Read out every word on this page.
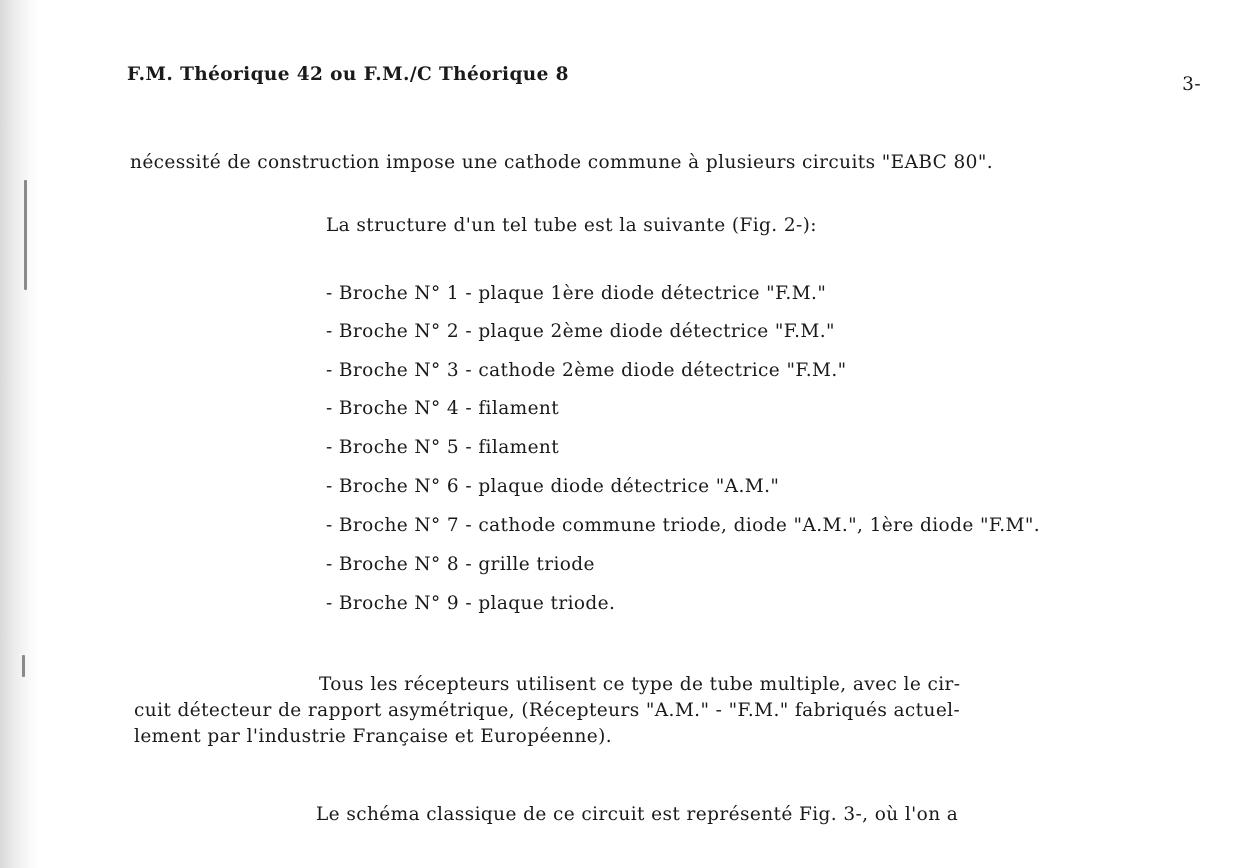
F.M. Théorique 42 ou F.M./C Théorique 8	3-
nécessité de construction impose une cathode commune à plusieurs circuits "EABC 80".
La structure d'un tel tube est la suivante (Fig. 2-):
- Broche N° 1 - plaque 1ère diode détectrice "F.M."
- Broche N° 2 - plaque 2ème diode détectrice "F.M."
- Broche N° 3 - cathode 2ème diode détectrice "F.M."
- Broche N° 4 - filament
- Broche N° 5 - filament
- Broche N° 6 - plaque diode détectrice "A.M."
- Broche N° 7 - cathode commune triode, diode "A.M.", 1ère diode "F.M".
- Broche N° 8 - grille triode
- Broche N° 9 - plaque triode.
Tous les récepteurs utilisent ce type de tube multiple, avec le cir-
cuit détecteur de rapport asymétrique, (Récepteurs "A.M." - "F.M." fabriqués actuel-
lement par l'industrie Française et Européenne).
Le schéma classique de ce circuit est représenté Fig. 3-, où l'on a
